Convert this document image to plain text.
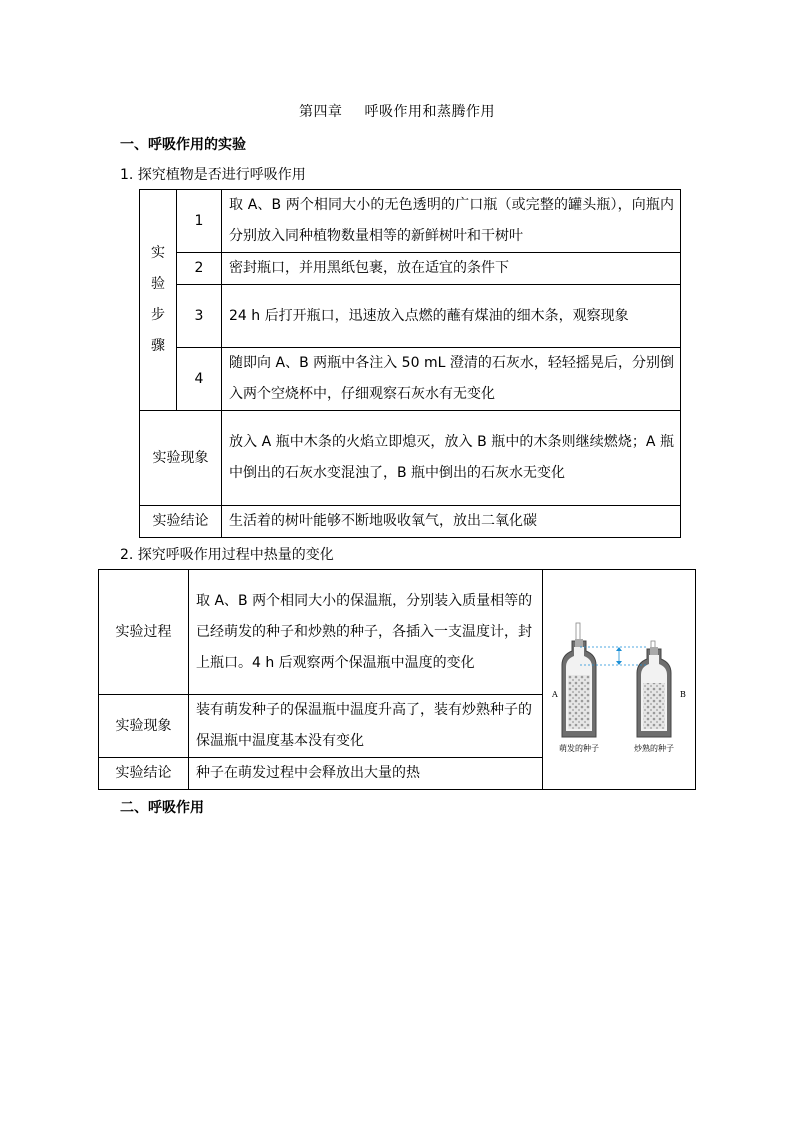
第四章 呼吸作用和蒸腾作用
一、呼吸作用的实验
1. 探究植物是否进行呼吸作用
实
验
步
骤	1	取 A、B 两个相同大小的无色透明的广口瓶（或完整的罐头瓶），向瓶内分别放入同种植物数量相等的新鲜树叶和干树叶
	2	密封瓶口，并用黑纸包裹，放在适宜的条件下
	3	24 h 后打开瓶口，迅速放入点燃的蘸有煤油的细木条，观察现象
	4	随即向 A、B 两瓶中各注入 50 mL 澄清的石灰水，轻轻摇晃后，分别倒入两个空烧杯中，仔细观察石灰水有无变化
实验现象		放入 A 瓶中木条的火焰立即熄灭，放入 B 瓶中的木条则继续燃烧；A 瓶中倒出的石灰水变混浊了，B 瓶中倒出的石灰水无变化
实验结论		生活着的树叶能够不断地吸收氧气，放出二氧化碳
2. 探究呼吸作用过程中热量的变化
实验过程	取 A、B 两个相同大小的保温瓶，分别装入质量相等的已经萌发的种子和炒熟的种子，各插入一支温度计，封上瓶口。4 h 后观察两个保温瓶中温度的变化	A B
萌发的种子 炒熟的种子

实验现象	装有萌发种子的保温瓶中温度升高了，装有炒熟种子的保温瓶中温度基本没有变化	
实验结论	种子在萌发过程中会释放出大量的热	
二、呼吸作用
